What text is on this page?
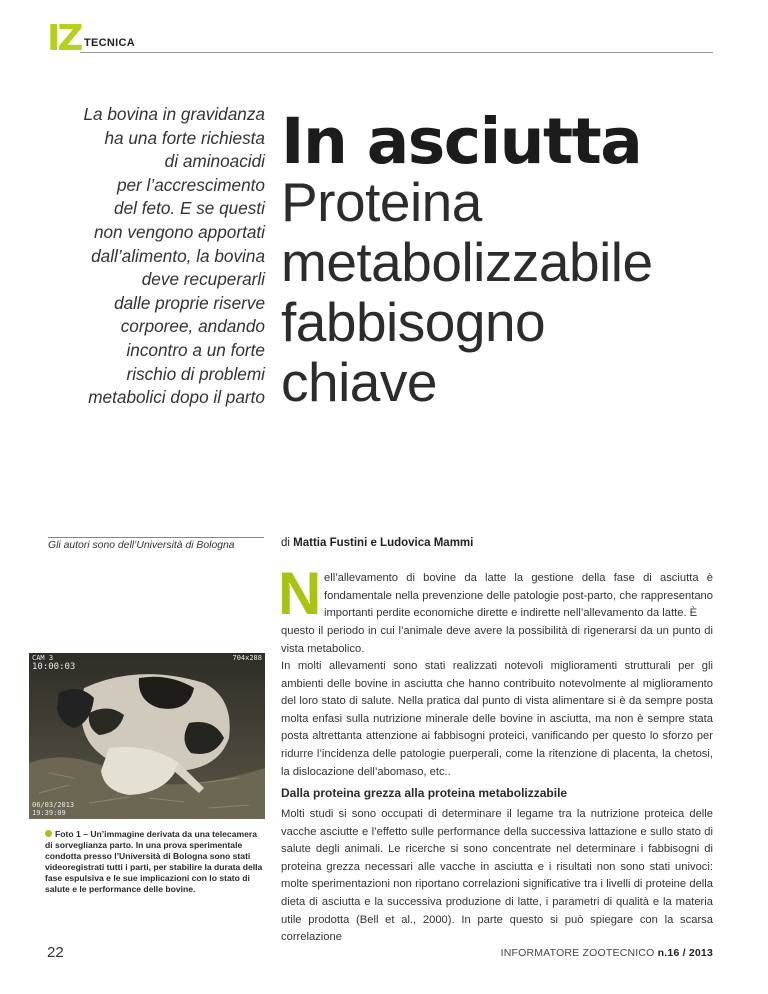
IZ TECNICA
La bovina in gravidanza
ha una forte richiesta
di aminoacidi
per l’accrescimento
del feto. E se questi
non vengono apportati
dall’alimento, la bovina
deve recuperarli
dalle proprie riserve
corporee, andando
incontro a un forte
rischio di problemi
metabolici dopo il parto
Gli autori sono dell’Università di Bologna
In asciutta
Proteina
metabolizzabile
fabbisogno
chiave
di Mattia Fustini e Ludovica Mammi
N ell’allevamento di bovine da latte la gestione della fase di asciutta è fondamentale nella prevenzione delle patologie post-parto, che rappresentano importanti perdite economiche dirette e indirette nell’allevamento da latte. È
questo il periodo in cui l’animale deve avere la possibilità di rigenerarsi da un punto di vista metabolico.
In molti allevamenti sono stati realizzati notevoli miglioramenti strutturali per gli ambienti delle bovine in asciutta che hanno contribuito notevolmente al miglioramento del loro stato di salute. Nella pratica dal punto di vista alimentare si è da sempre posta molta enfasi sulla nutrizione minerale delle bovine in asciutta, ma non è sempre stata posta altrettanta attenzione ai fabbisogni proteici, vanificando per questo lo sforzo per ridurre l’incidenza delle patologie puerperali, come la ritenzione di placenta, la chetosi, la dislocazione dell’abomaso, etc..
Dalla proteina grezza alla proteina metabolizzabile
Molti studi si sono occupati di determinare il legame tra la nutrizione proteica delle vacche asciutte e l’effetto sulle performance della successiva lattazione e sullo stato di salute degli animali. Le ricerche si sono concentrate nel determinare i fabbisogni di proteina grezza necessari alle vacche in asciutta e i risultati non sono stati univoci: molte sperimentazioni non riportano correlazioni significative tra i livelli di proteine della dieta di asciutta e la successiva produzione di latte, i parametri di qualità e la materia utile prodotta (Bell et al., 2000). In parte questo si può spiegare con la scarsa correlazione
CAM 3
10:00:03
704x288
06/03/2013
19:39:09
Foto 1 – Un’immagine derivata da una telecamera di sorveglianza parto. In una prova sperimentale condotta presso l’Università di Bologna sono stati videoregistrati tutti i parti, per stabilire la durata della fase espulsiva e le sue implicazioni con lo stato di salute e le performance delle bovine.
22	INFORMATORE ZOOTECNICO n.16 / 2013
